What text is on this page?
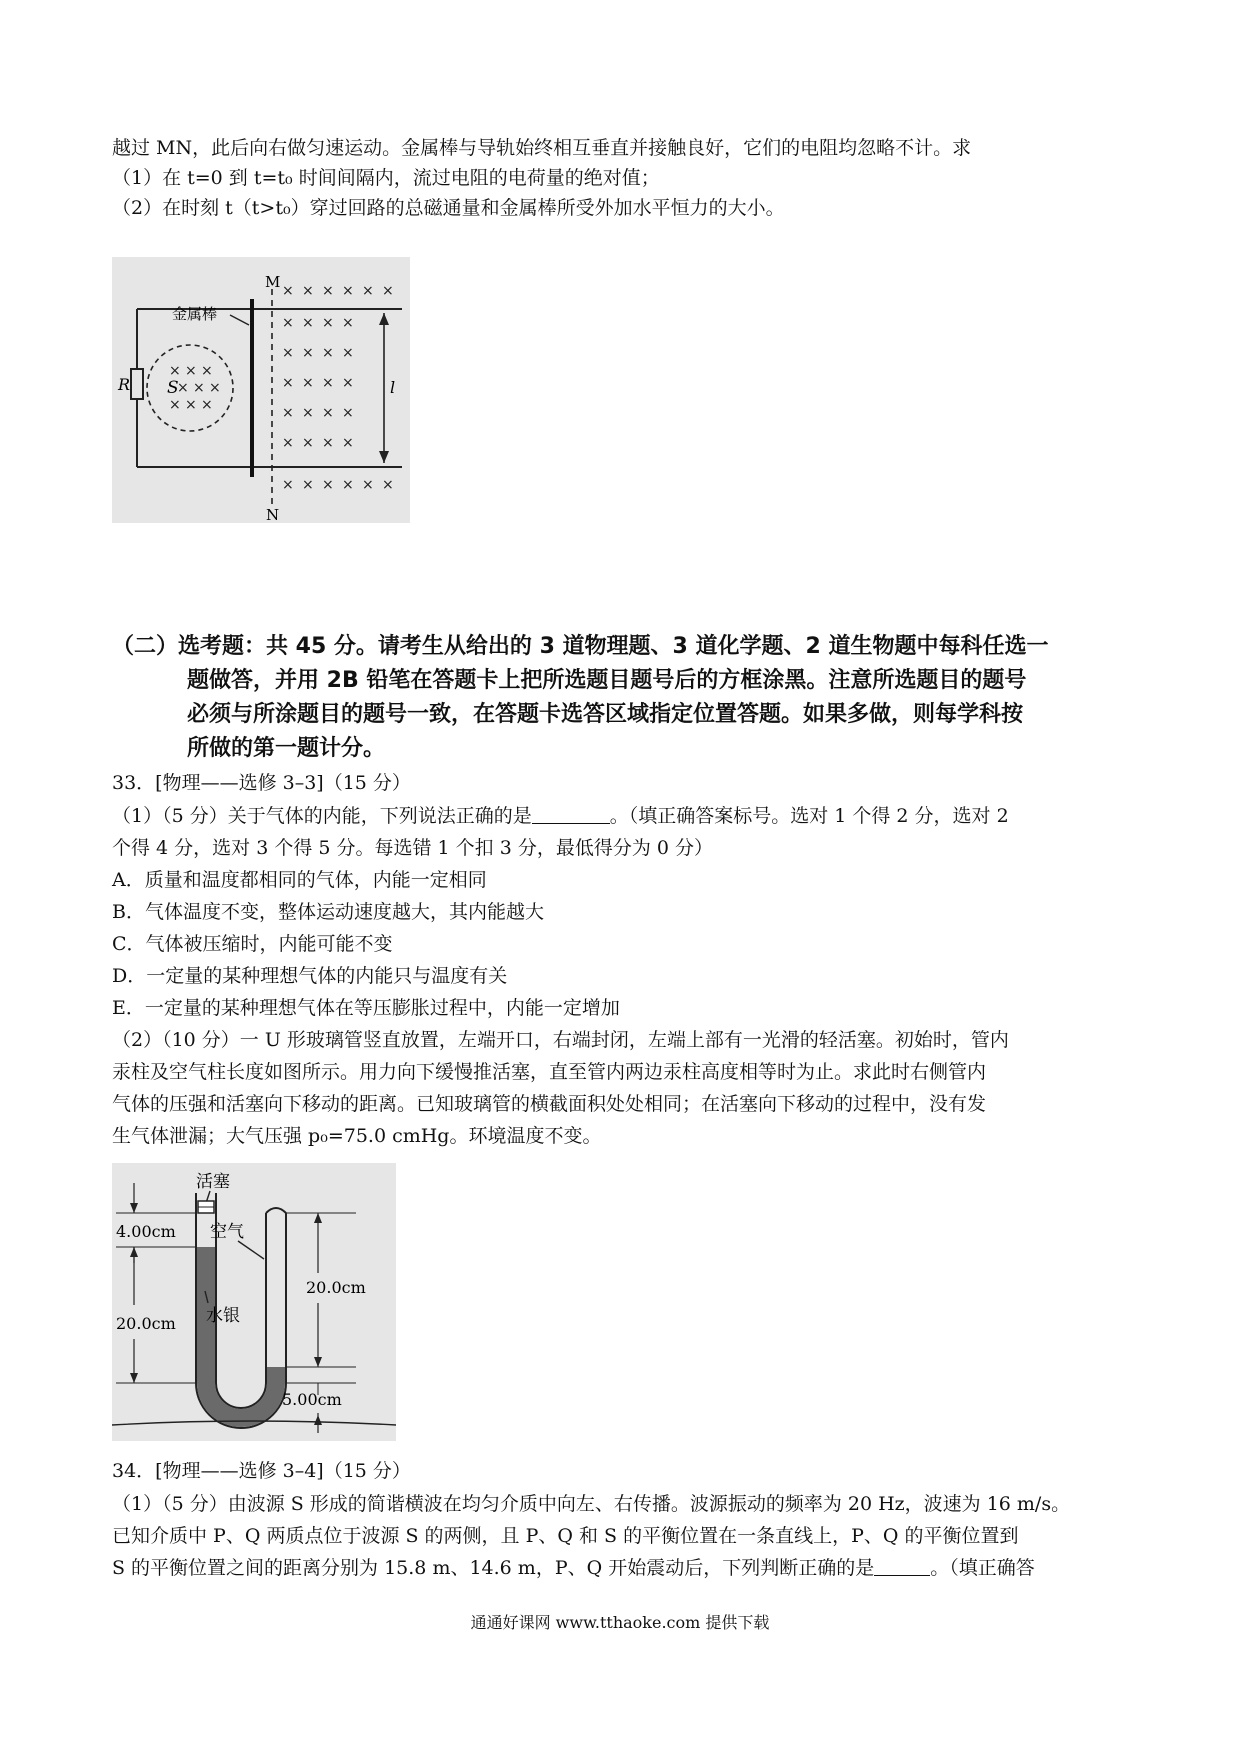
越过 MN，此后向右做匀速运动。金属棒与导轨始终相互垂直并接触良好，它们的电阻均忽略不计。求
（1）在 t=0 到 t=t₀ 时间间隔内，流过电阻的电荷量的绝对值；
（2）在时刻 t（t>t₀）穿过回路的总磁通量和金属棒所受外加水平恒力的大小。
R
× × ×
× × ×
× × ×
S
金属棒
M
N
× × × × × ×
× × × ×
× × × ×
× × × ×
× × × ×
× × × ×
× × × × × ×
l
（二）选考题：共 45 分。请考生从给出的 3 道物理题、3 道化学题、2 道生物题中每科任选一
题做答，并用 2B 铅笔在答题卡上把所选题目题号后的方框涂黑。注意所选题目的题号
必须与所涂题目的题号一致，在答题卡选答区域指定位置答题。如果多做，则每学科按
所做的第一题计分。
33．[物理——选修 3–3]（15 分）
（1）（5 分）关于气体的内能，下列说法正确的是	。（填正确答案标号。选对 1 个得 2 分，选对 2
个得 4 分，选对 3 个得 5 分。每选错 1 个扣 3 分，最低得分为 0 分）
A．质量和温度都相同的气体，内能一定相同
B．气体温度不变，整体运动速度越大，其内能越大
C．气体被压缩时，内能可能不变
D．一定量的某种理想气体的内能只与温度有关
E．一定量的某种理想气体在等压膨胀过程中，内能一定增加
（2）（10 分）一 U 形玻璃管竖直放置，左端开口，右端封闭，左端上部有一光滑的轻活塞。初始时，管内
汞柱及空气柱长度如图所示。用力向下缓慢推活塞，直至管内两边汞柱高度相等时为止。求此时右侧管内
气体的压强和活塞向下移动的距离。已知玻璃管的横截面积处处相同；在活塞向下移动的过程中，没有发
生气体泄漏；大气压强 p₀=75.0 cmHg。环境温度不变。
活塞
空气
水银
4.00cm
20.0cm
20.0cm
5.00cm
34．[物理——选修 3–4]（15 分）
（1）（5 分）由波源 S 形成的简谐横波在均匀介质中向左、右传播。波源振动的频率为 20 Hz，波速为 16 m/s。
已知介质中 P、Q 两质点位于波源 S 的两侧，且 P、Q 和 S 的平衡位置在一条直线上，P、Q 的平衡位置到
S 的平衡位置之间的距离分别为 15.8 m、14.6 m，P、Q 开始震动后，下列判断正确的是	。（填正确答
通通好课网 www.tthaoke.com 提供下载
